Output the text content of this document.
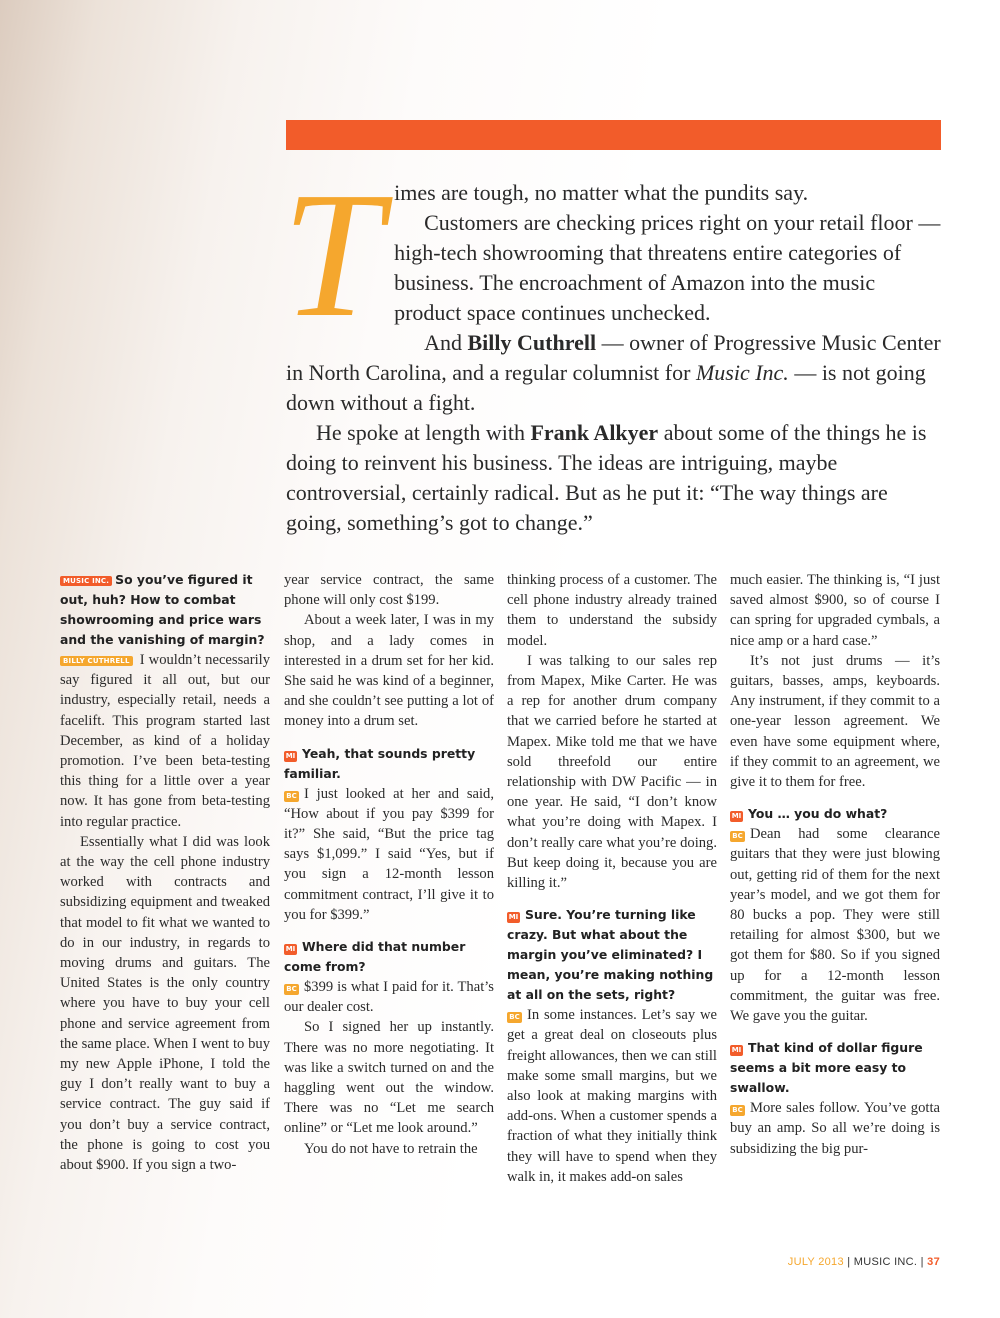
T imes are tough, no matter what the pundits say.

Customers are checking prices right on your retail floor — high-tech showrooming that threatens entire categories of business. The encroachment of Amazon into the music product space continues unchecked.

And Billy Cuthrell — owner of Progressive Music Center in North Carolina, and a regular columnist for Music Inc. — is not going down without a fight.

He spoke at length with Frank Alkyer about some of the things he is doing to reinvent his business. The ideas are intriguing, maybe controversial, certainly radical. But as he put it: “The way things are going, something’s got to change.”

MUSIC INC. So you’ve figured it out, huh? How to combat showrooming and price wars and the vanishing of margin?

BILLY CUTHRELL I wouldn’t necessarily say figured it all out, but our industry, especially retail, needs a facelift. This program started last December, as kind of a holiday promotion. I’ve been beta-testing this thing for a little over a year now. It has gone from beta-testing into regular practice.

Essentially what I did was look at the way the cell phone industry worked with contracts and subsidizing equipment and tweaked that model to fit what we wanted to do in our industry, in regards to moving drums and guitars. The United States is the only country where you have to buy your cell phone and service agreement from the same place. When I went to buy my new Apple iPhone, I told the guy I don’t really want to buy a service contract. The guy said if you don’t buy a service contract, the phone is going to cost you about $900. If you sign a two-

year service contract, the same phone will only cost $199.

About a week later, I was in my shop, and a lady comes in interested in a drum set for her kid. She said he was kind of a beginner, and she couldn’t see putting a lot of money into a drum set.

MI Yeah, that sounds pretty familiar.

BC I just looked at her and said, “How about if you pay $399 for it?” She said, “But the price tag says $1,099.” I said “Yes, but if you sign a 12-month lesson commitment contract, I’ll give it to you for $399.”

MI Where did that number come from?

BC $399 is what I paid for it. That’s our dealer cost.

So I signed her up instantly. There was no more negotiating. It was like a switch turned on and the haggling went out the window. There was no “Let me search online” or “Let me look around.”

You do not have to retrain the

thinking process of a customer. The cell phone industry already trained them to understand the subsidy model.

I was talking to our sales rep from Mapex, Mike Carter. He was a rep for another drum company that we carried before he started at Mapex. Mike told me that we have sold threefold our entire relationship with DW Pacific — in one year. He said, “I don’t know what you’re doing with Mapex. I don’t really care what you’re doing. But keep doing it, because you are killing it.”

MI Sure. You’re turning like crazy. But what about the margin you’ve eliminated? I mean, you’re making nothing at all on the sets, right?

BC In some instances. Let’s say we get a great deal on closeouts plus freight allowances, then we can still make some small margins, but we also look at making margins with add-ons. When a customer spends a fraction of what they initially think they will have to spend when they walk in, it makes add-on sales

much easier. The thinking is, “I just saved almost $900, so of course I can spring for upgraded cymbals, a nice amp or a hard case.”

It’s not just drums — it’s guitars, basses, amps, keyboards. Any instrument, if they commit to a one-year lesson agreement. We even have some equipment where, if they commit to an agreement, we give it to them for free.

MI You … you do what?

BC Dean had some clearance guitars that they were just blowing out, getting rid of them for the next year’s model, and we got them for 80 bucks a pop. They were still retailing for almost $300, but we got them for $80. So if you signed up for a 12-month lesson commitment, the guitar was free. We gave you the guitar.

MI That kind of dollar figure seems a bit more easy to swallow.

BC More sales follow. You’ve gotta buy an amp. So all we’re doing is subsidizing the big pur-

JULY 2013 | MUSIC INC. | 37
